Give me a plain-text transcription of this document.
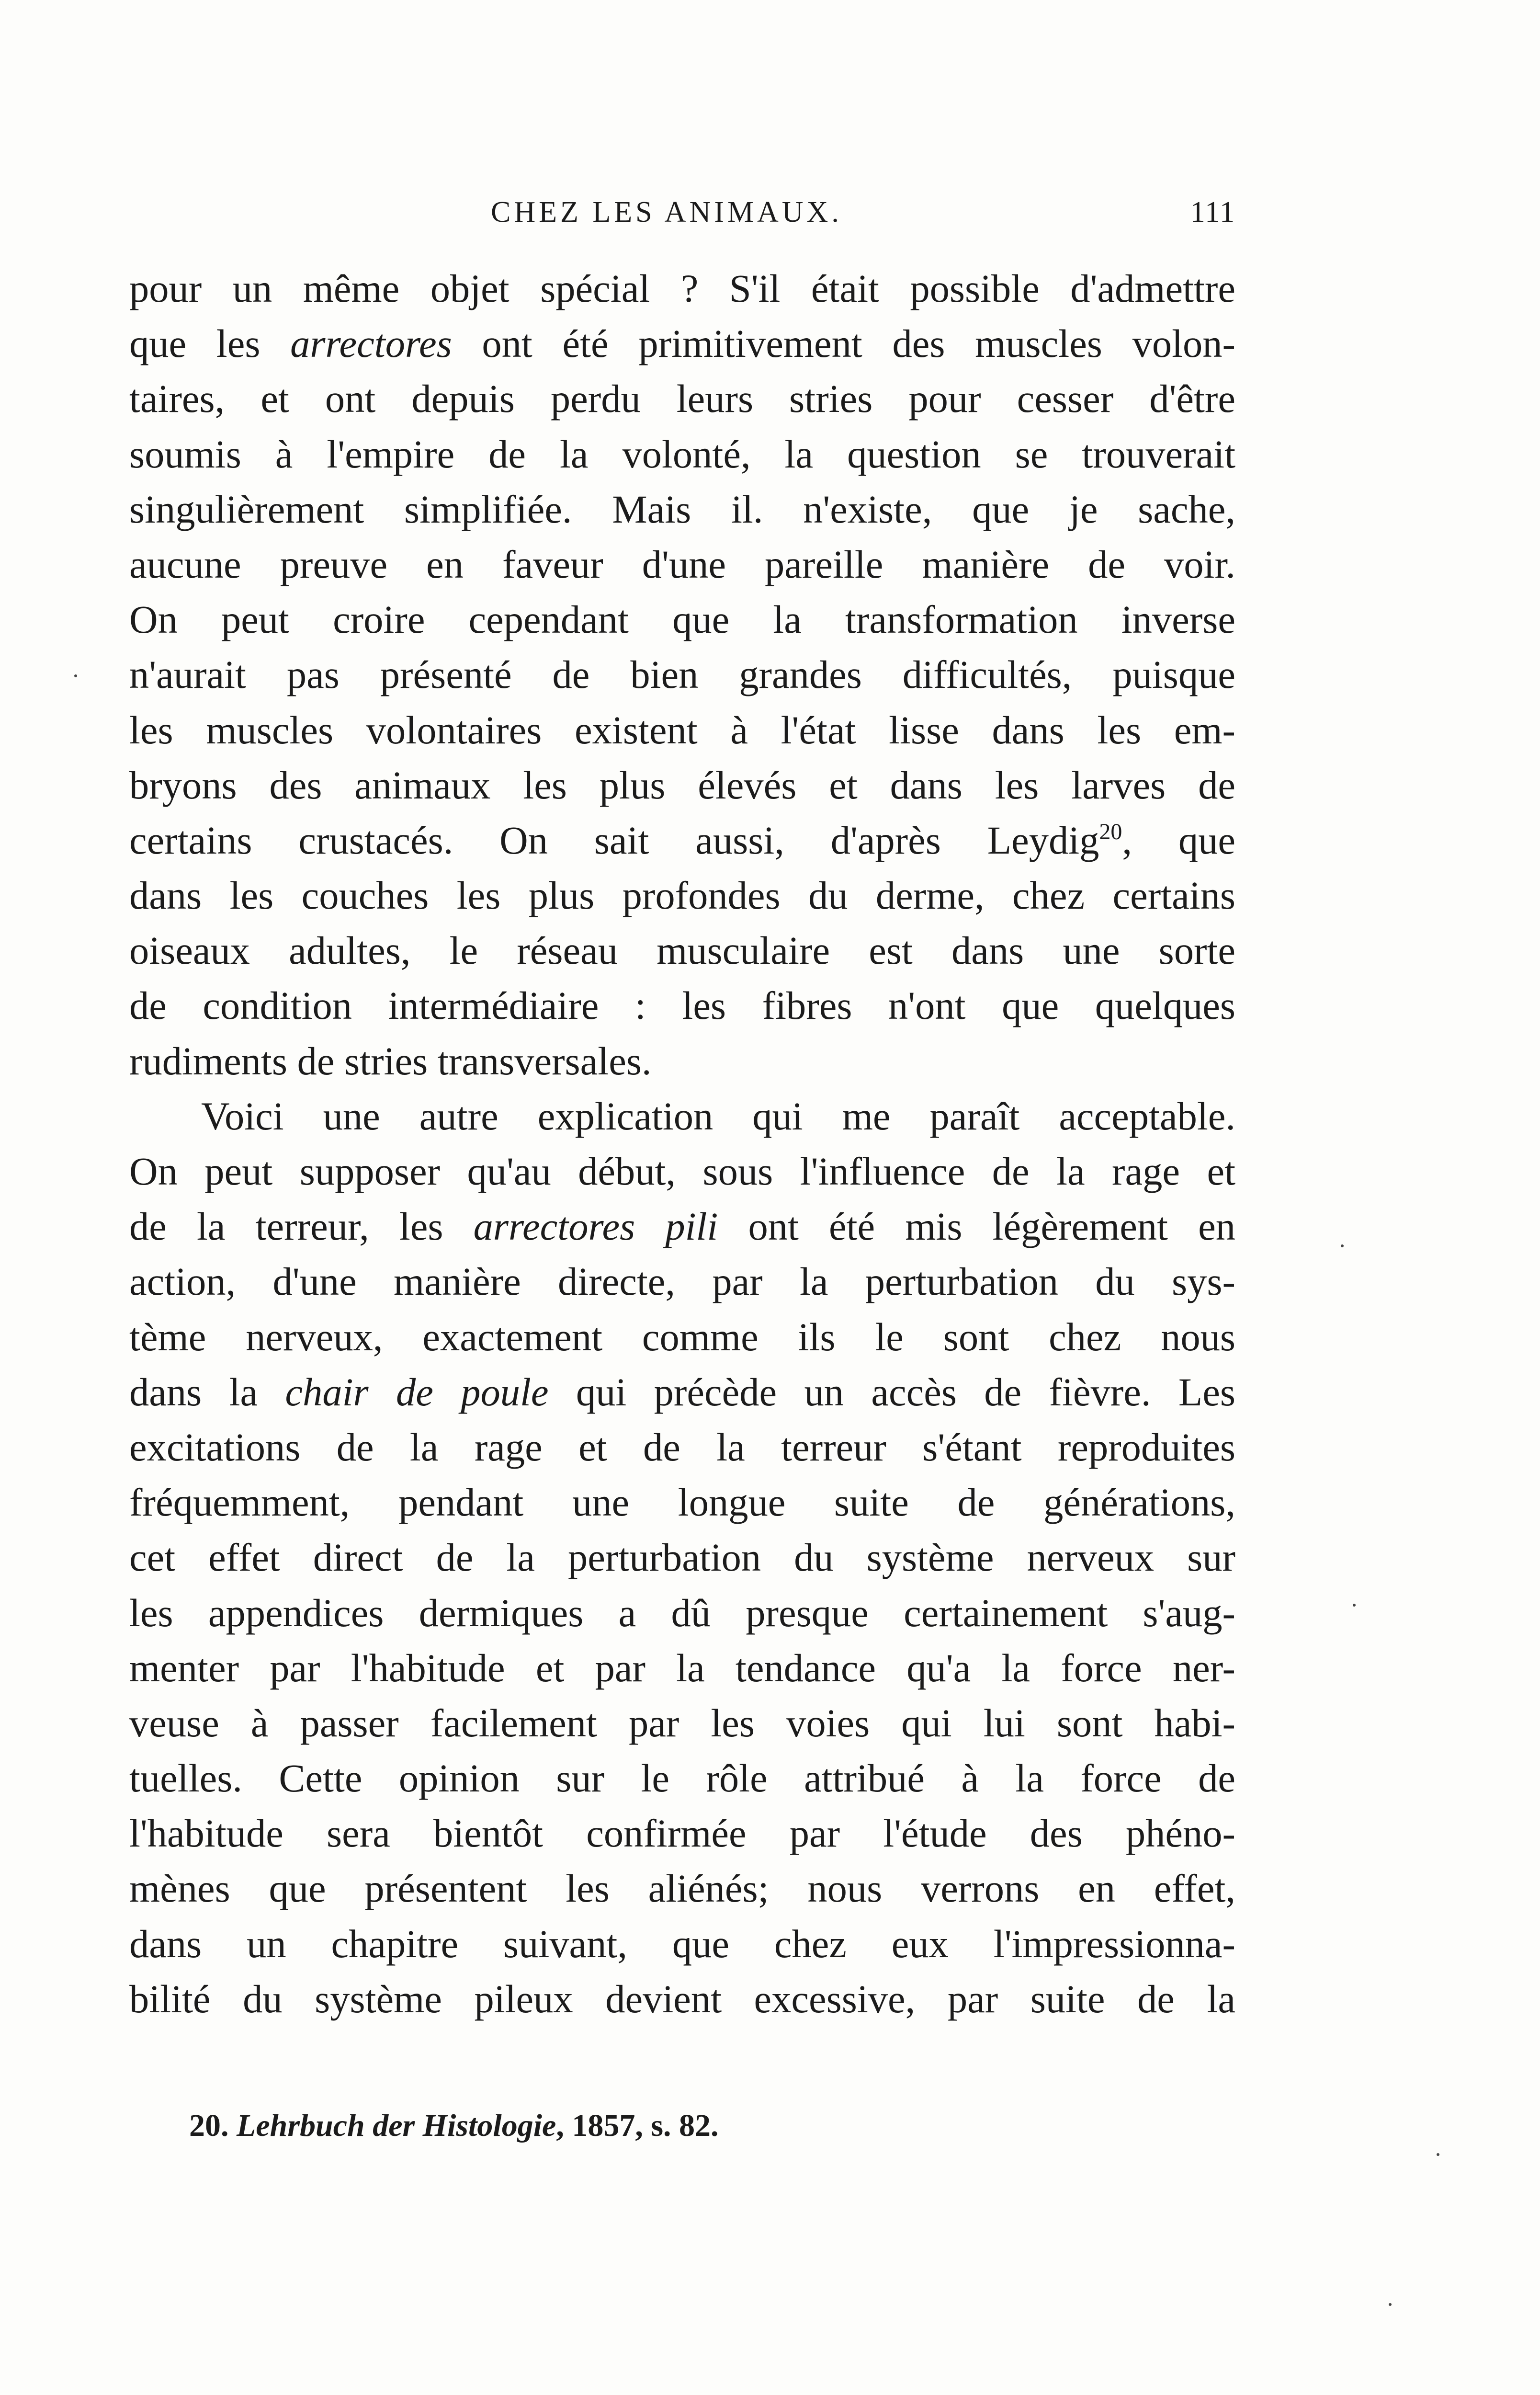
CHEZ LES ANIMAUX.	111
pour un même objet spécial ? S'il était possible d'admettre
que les arrectores ont été primitivement des muscles volon-
taires, et ont depuis perdu leurs stries pour cesser d'être
soumis à l'empire de la volonté, la question se trouverait
singulièrement simplifiée. Mais il. n'existe, que je sache,
aucune preuve en faveur d'une pareille manière de voir.
On peut croire cependant que la transformation inverse
n'aurait pas présenté de bien grandes difficultés, puisque
les muscles volontaires existent à l'état lisse dans les em-
bryons des animaux les plus élevés et dans les larves de
certains crustacés. On sait aussi, d'après Leydig$^{20}$, que
dans les couches les plus profondes du derme, chez certains
oiseaux adultes, le réseau musculaire est dans une sorte
de condition intermédiaire : les fibres n'ont que quelques
rudiments de stries transversales.
Voici une autre explication qui me paraît acceptable.
On peut supposer qu'au début, sous l'influence de la rage et
de la terreur, les arrectores pili ont été mis légèrement en
action, d'une manière directe, par la perturbation du sys-
tème nerveux, exactement comme ils le sont chez nous
dans la chair de poule qui précède un accès de fièvre. Les
excitations de la rage et de la terreur s'étant reproduites
fréquemment, pendant une longue suite de générations,
cet effet direct de la perturbation du système nerveux sur
les appendices dermiques a dû presque certainement s'aug-
menter par l'habitude et par la tendance qu'a la force ner-
veuse à passer facilement par les voies qui lui sont habi-
tuelles. Cette opinion sur le rôle attribué à la force de
l'habitude sera bientôt confirmée par l'étude des phéno-
mènes que présentent les aliénés; nous verrons en effet,
dans un chapitre suivant, que chez eux l'impressionna-
bilité du système pileux devient excessive, par suite de la
20. Lehrbuch der Histologie, 1857, s. 82.
